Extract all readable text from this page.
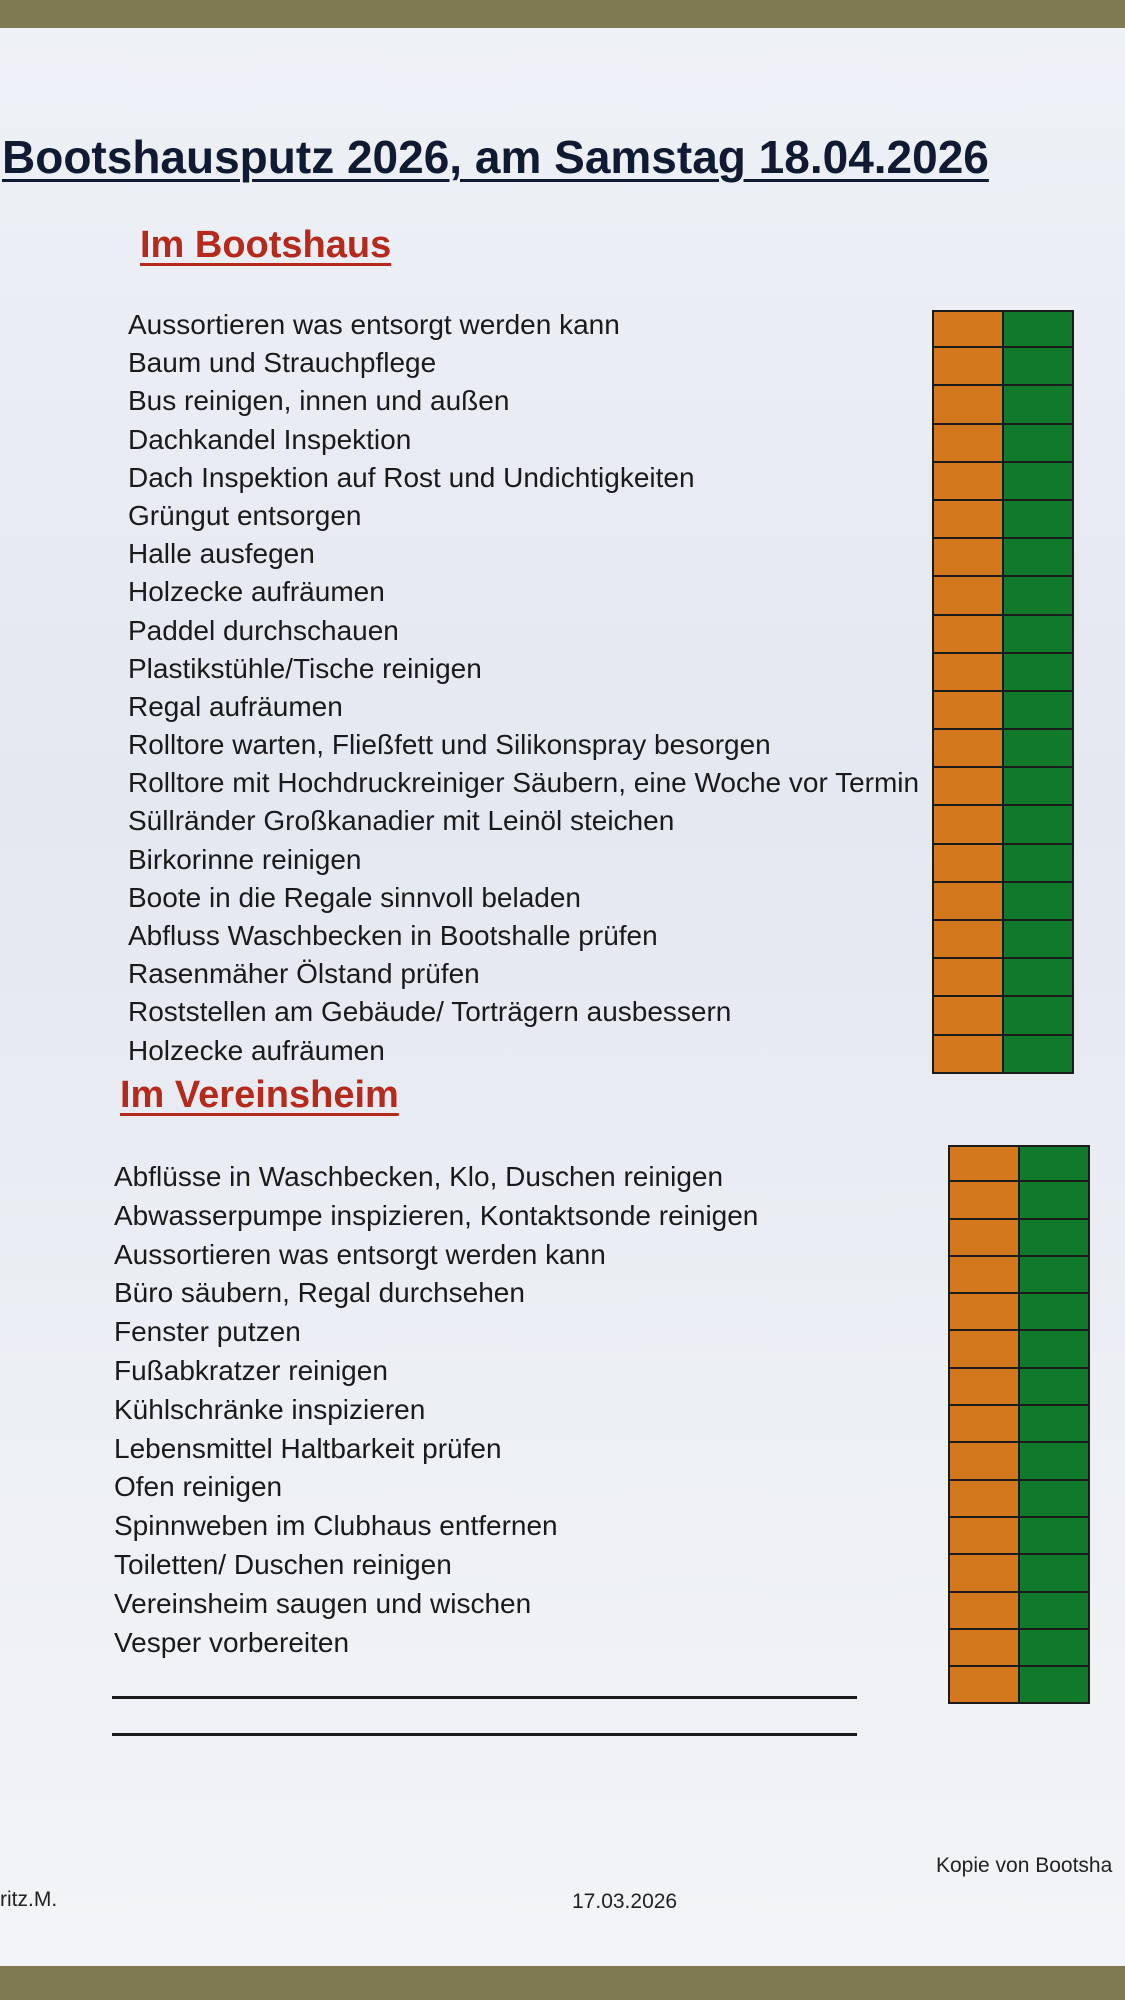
Bootshausputz 2026, am Samstag 18.04.2026
Im Bootshaus
Aussortieren was entsorgt werden kann
Baum und Strauchpflege
Bus reinigen, innen und außen
Dachkandel Inspektion
Dach Inspektion auf Rost und Undichtigkeiten
Grüngut entsorgen
Halle ausfegen
Holzecke aufräumen
Paddel durchschauen
Plastikstühle/Tische reinigen
Regal aufräumen
Rolltore warten, Fließfett und Silikonspray besorgen
Rolltore mit Hochdruckreiniger Säubern, eine Woche vor Termin
Süllränder Großkanadier mit Leinöl steichen
Birkorinne reinigen
Boote in die Regale sinnvoll beladen
Abfluss Waschbecken in Bootshalle prüfen
Rasenmäher Ölstand prüfen
Roststellen am Gebäude/ Torträgern ausbessern
Holzecke aufräumen
Im Vereinsheim
Abflüsse in Waschbecken, Klo, Duschen reinigen
Abwasserpumpe inspizieren, Kontaktsonde reinigen
Aussortieren was entsorgt werden kann
Büro säubern, Regal durchsehen
Fenster putzen
Fußabkratzer reinigen
Kühlschränke inspizieren
Lebensmittel Haltbarkeit prüfen
Ofen reinigen
Spinnweben im Clubhaus entfernen
Toiletten/ Duschen reinigen
Vereinsheim saugen und wischen
Vesper vorbereiten
ritz.M.	17.03.2026
Kopie von Bootsha
